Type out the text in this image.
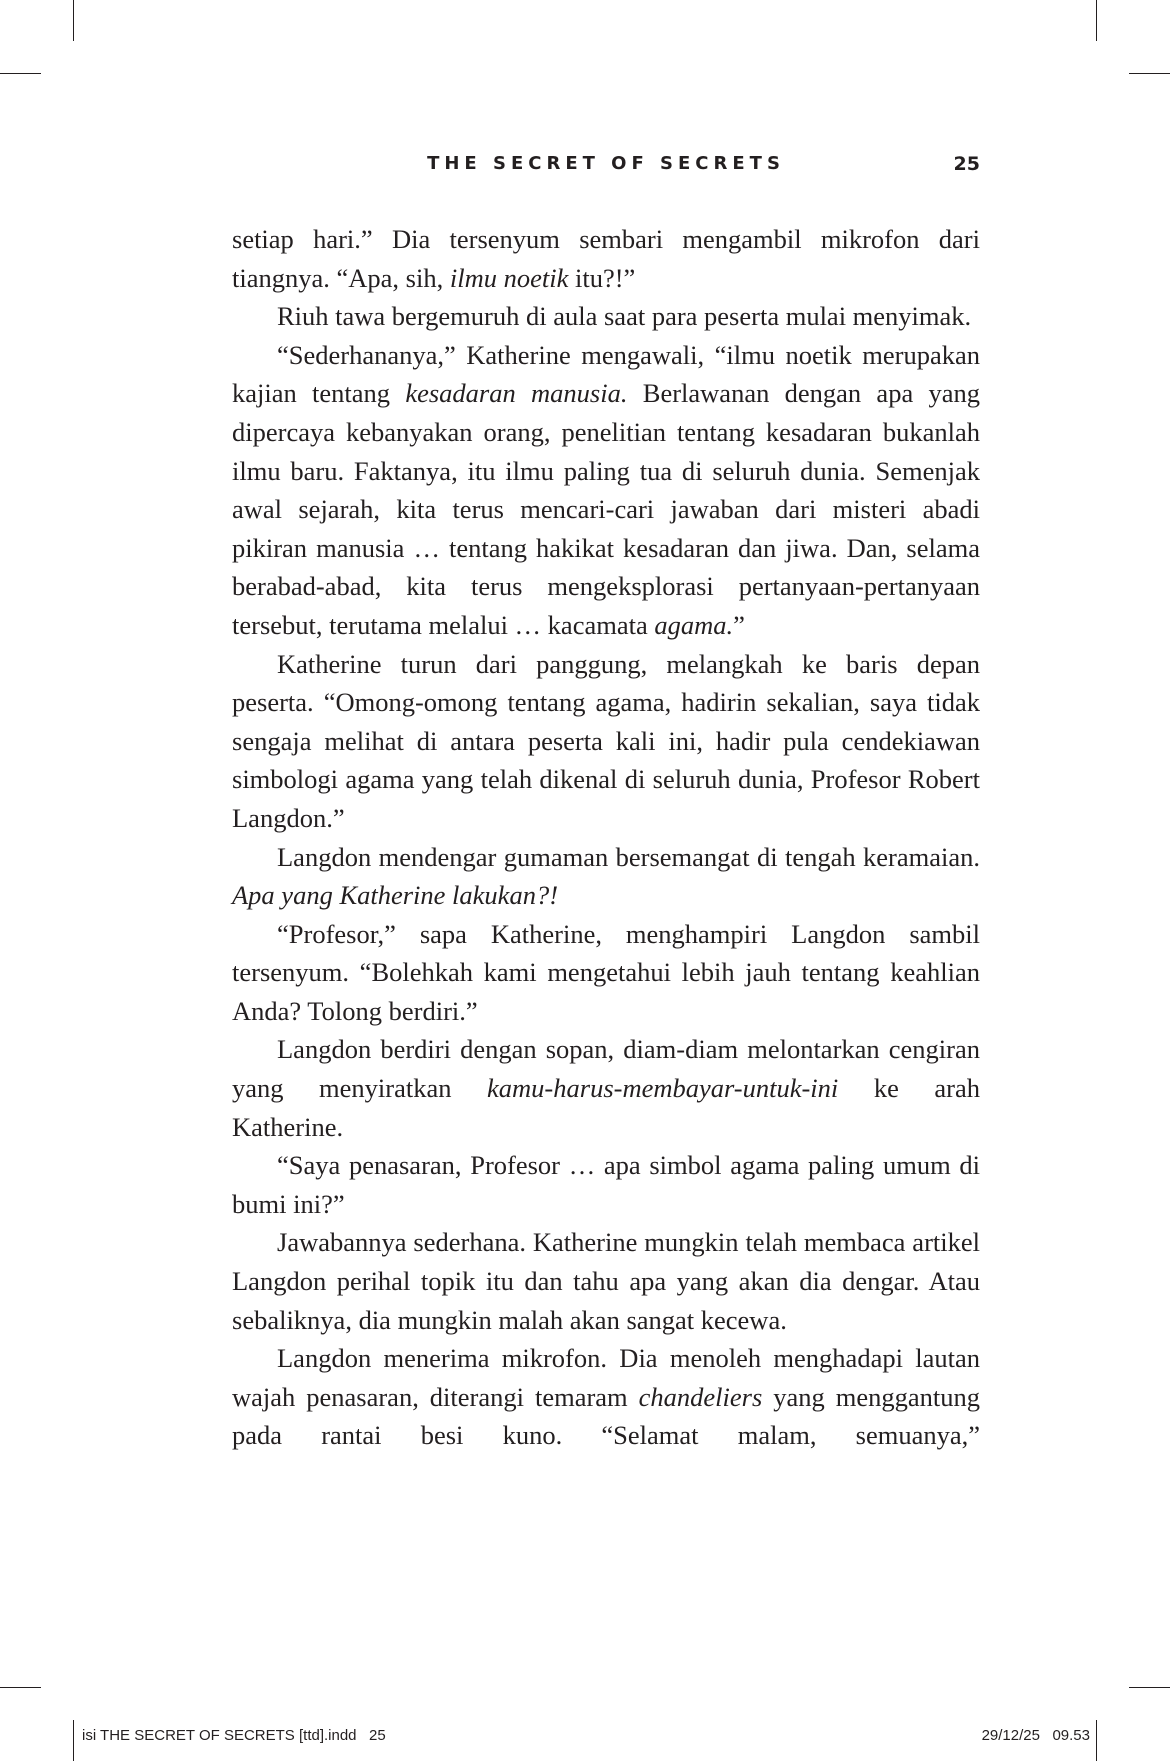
THE SECRET OF SECRETS	25

setiap hari.” Dia tersenyum sembari mengambil mikrofon dari tiangnya. “Apa, sih, ilmu noetik itu?!”

Riuh tawa bergemuruh di aula saat para peserta mulai menyimak.

“Sederhananya,” Katherine mengawali, “ilmu noetik merupakan kajian tentang kesadaran manusia. Berlawanan dengan apa yang dipercaya kebanyakan orang, penelitian tentang kesadaran bukanlah ilmu baru. Faktanya, itu ilmu paling tua di seluruh dunia. Semenjak awal sejarah, kita terus mencari-cari jawaban dari misteri abadi pikiran manusia … tentang hakikat kesadaran dan jiwa. Dan, selama berabad-abad, kita terus mengeksplorasi pertanyaan-pertanyaan tersebut, terutama melalui … kacamata agama.”

Katherine turun dari panggung, melangkah ke baris depan peserta. “Omong-omong tentang agama, hadirin sekalian, saya tidak sengaja melihat di antara peserta kali ini, hadir pula cendekiawan simbologi agama yang telah dikenal di seluruh dunia, Profesor Robert Langdon.”

Langdon mendengar gumaman bersemangat di tengah keramaian. Apa yang Katherine lakukan?!

“Profesor,” sapa Katherine, menghampiri Langdon sambil tersenyum. “Bolehkah kami mengetahui lebih jauh tentang keahlian Anda? Tolong berdiri.”

Langdon berdiri dengan sopan, diam-diam melontarkan cengiran yang menyiratkan kamu-harus-membayar-untuk-ini ke arah Katherine.

“Saya penasaran, Profesor … apa simbol agama paling umum di bumi ini?”

Jawabannya sederhana. Katherine mungkin telah membaca artikel Langdon perihal topik itu dan tahu apa yang akan dia dengar. Atau sebaliknya, dia mungkin malah akan sangat kecewa.

Langdon menerima mikrofon. Dia menoleh menghadapi lautan wajah penasaran, diterangi temaram chandeliers yang menggantung pada rantai besi kuno. “Selamat malam, semuanya,”

isi THE SECRET OF SECRETS [ttd].indd   25	29/12/25   09.53
